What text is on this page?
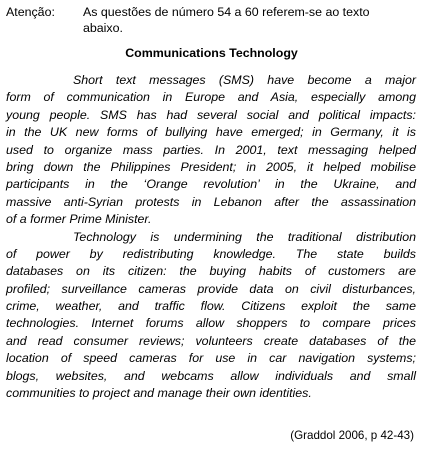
Atenção: As questões de número 54 a 60 referem-se ao texto
abaixo.
Communications Technology
Short text messages (SMS) have become a major
form of communication in Europe and Asia, especially among
young people. SMS has had several social and political impacts:
in the UK new forms of bullying have emerged; in Germany, it is
used to organize mass parties. In 2001, text messaging helped
bring down the Philippines President; in 2005, it helped mobilise
participants in the ‘Orange revolution’ in the Ukraine, and
massive anti-Syrian protests in Lebanon after the assassination
of a former Prime Minister.
Technology is undermining the traditional distribution
of power by redistributing knowledge. The state builds
databases on its citizen: the buying habits of customers are
profiled; surveillance cameras provide data on civil disturbances,
crime, weather, and traffic flow. Citizens exploit the same
technologies. Internet forums allow shoppers to compare prices
and read consumer reviews; volunteers create databases of the
location of speed cameras for use in car navigation systems;
blogs, websites, and webcams allow individuals and small
communities to project and manage their own identities.
(Graddol 2006, p 42-43)
